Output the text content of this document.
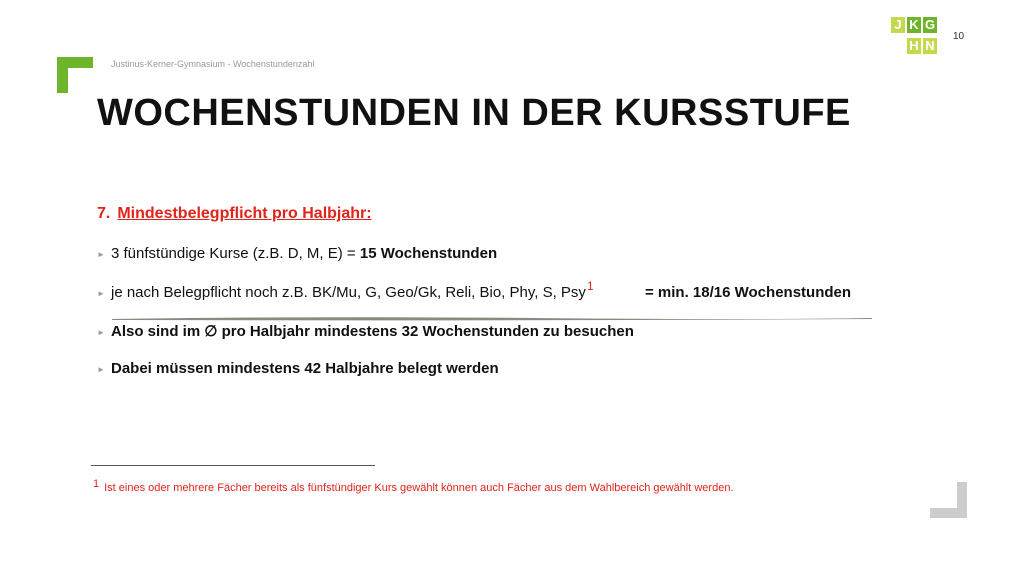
Justinus-Kerner-Gymnasium - Wochenstundenzahl
J K G
H N
10
WOCHENSTUNDEN IN DER KURSSTUFE
7. Mindestbelegpflicht pro Halbjahr:
► 3 fünfstündige Kurse (z.B. D, M, E) = 15 Wochenstunden
► je nach Belegpflicht noch z.B. BK/Mu, G, Geo/Gk, Reli, Bio, Phy, S, Psy$^1$	= min. 18/16 Wochenstunden
► Also sind im ∅ pro Halbjahr mindestens 32 Wochenstunden zu besuchen
► Dabei müssen mindestens 42 Halbjahre belegt werden
1 Ist eines oder mehrere Fächer bereits als fünfstündiger Kurs gewählt können auch Fächer aus dem Wahlbereich gewählt werden.
